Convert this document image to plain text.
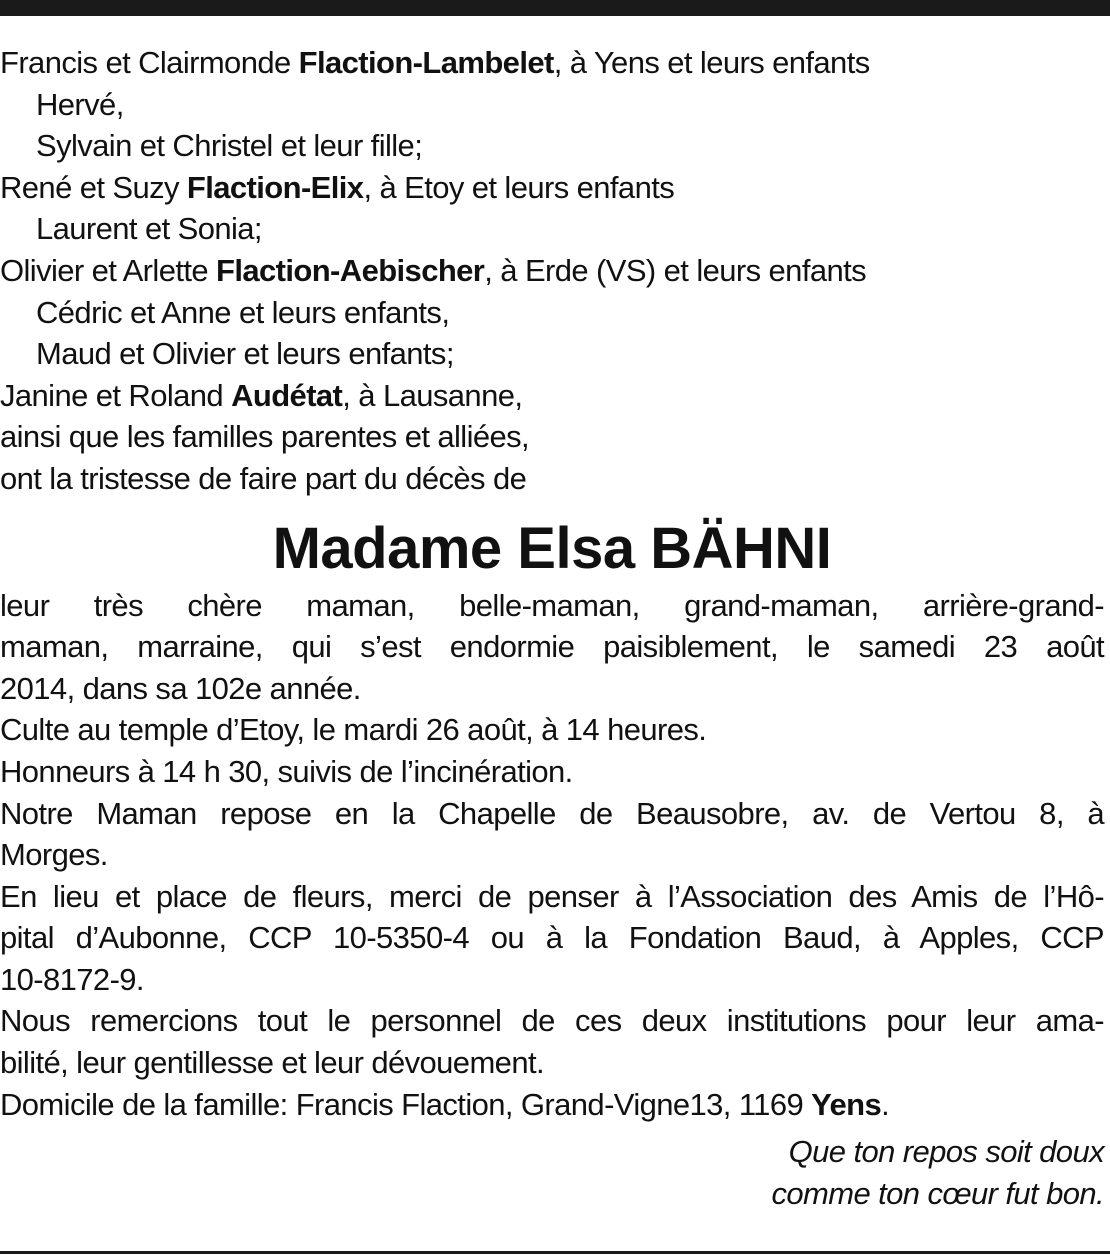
Francis et Clairmonde Flaction-Lambelet, à Yens et leurs enfants
Hervé,
Sylvain et Christel et leur fille;
René et Suzy Flaction-Elix, à Etoy et leurs enfants
Laurent et Sonia;
Olivier et Arlette Flaction-Aebischer, à Erde (VS) et leurs enfants
Cédric et Anne et leurs enfants,
Maud et Olivier et leurs enfants;
Janine et Roland Audétat, à Lausanne,
ainsi que les familles parentes et alliées,
ont la tristesse de faire part du décès de
Madame Elsa BÄHNI
leur très chère maman, belle-maman, grand-maman, arrière-grand-
maman, marraine, qui s’est endormie paisiblement, le samedi 23 août
2014, dans sa 102e année.
Culte au temple d’Etoy, le mardi 26 août, à 14 heures.
Honneurs à 14 h 30, suivis de l’incinération.
Notre Maman repose en la Chapelle de Beausobre, av. de Vertou 8, à
Morges.
En lieu et place de fleurs, merci de penser à l’Association des Amis de l’Hô-
pital d’Aubonne, CCP 10-5350-4 ou à la Fondation Baud, à Apples, CCP
10-8172-9.
Nous remercions tout le personnel de ces deux institutions pour leur ama-
bilité, leur gentillesse et leur dévouement.
Domicile de la famille: Francis Flaction, Grand-Vigne13, 1169 Yens.
Que ton repos soit doux
comme ton cœur fut bon.
